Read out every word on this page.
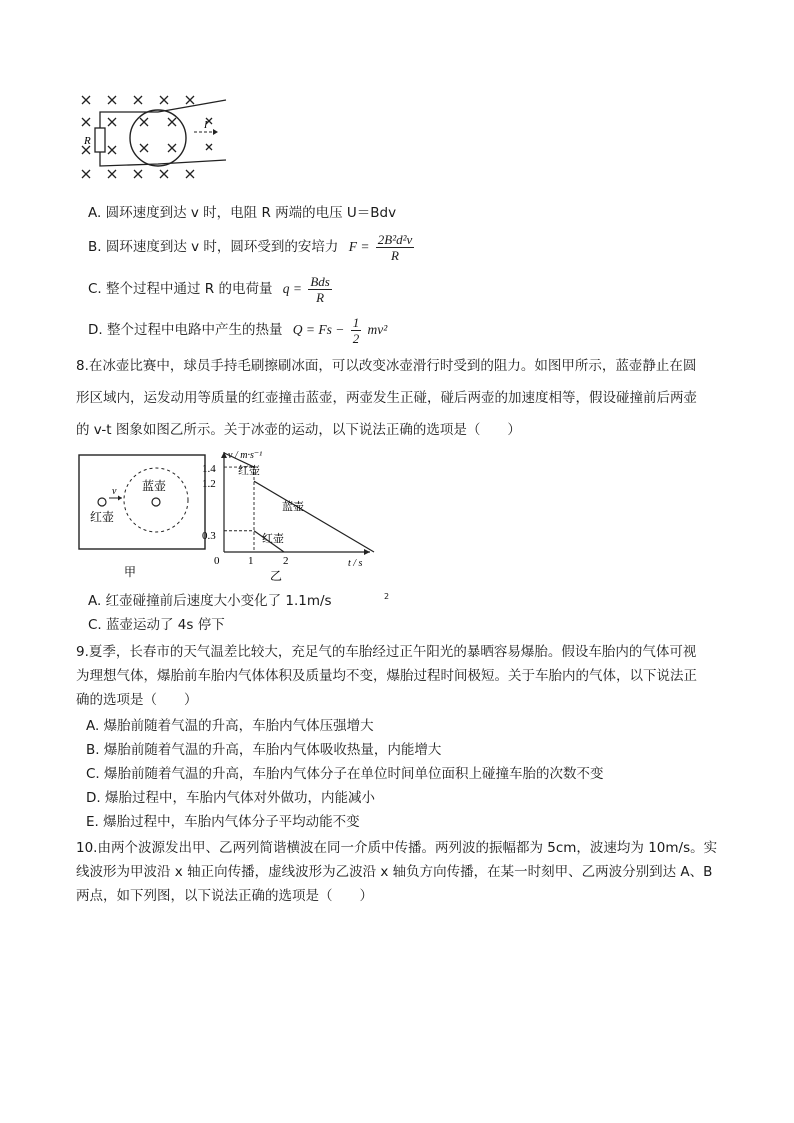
R
I
A. 圆环速度到达 v 时，电阻 R 两端的电压 U＝Bdv
B. 圆环速度到达 v 时，圆环受到的安培力 $F = \frac{\text{2B²d²v}}{R}$
C. 整个过程中通过 R 的电荷量 $q = \frac{\text{Bds}}{R}$
D. 整个过程中电路中产生的热量 $Q = Fs - \frac{1}{2} mv^2$
8.在冰壶比赛中，球员手持毛刷擦刷冰面，可以改变冰壶滑行时受到的阻力。如图甲所示，蓝壶静止在圆
形区域内，运发动用等质量的红壶撞击蓝壶，两壶发生正碰，碰后两壶的加速度相等，假设碰撞前后两壶
的 v-t 图象如图乙所示。关于冰壶的运动，以下说法正确的选项是（　　）
v 蓝壶
红壶
甲
v / m·s⁻¹
t / s
1.4
1.2
0.3
0	1	2
红壶
蓝壶
红壶
乙
A. 红壶碰撞前后速度大小变化了 1.1m/s	2
C. 蓝壶运动了 4s 停下
9.夏季，长春市的天气温差比较大，充足气的车胎经过正午阳光的暴晒容易爆胎。假设车胎内的气体可视
为理想气体，爆胎前车胎内气体体积及质量均不变，爆胎过程时间极短。关于车胎内的气体，以下说法正
确的选项是（　　）
A. 爆胎前随着气温的升高，车胎内气体压强增大
B. 爆胎前随着气温的升高，车胎内气体吸收热量，内能增大
C. 爆胎前随着气温的升高，车胎内气体分子在单位时间单位面积上碰撞车胎的次数不变
D. 爆胎过程中，车胎内气体对外做功，内能减小
E. 爆胎过程中，车胎内气体分子平均动能不变
10.由两个波源发出甲、乙两列简谐横波在同一介质中传播。两列波的振幅都为 5cm，波速均为 10m/s。实
线波形为甲波沿 x 轴正向传播，虚线波形为乙波沿 x 轴负方向传播，在某一时刻甲、乙两波分别到达 A、B
两点，如下列图，以下说法正确的选项是（　　）
